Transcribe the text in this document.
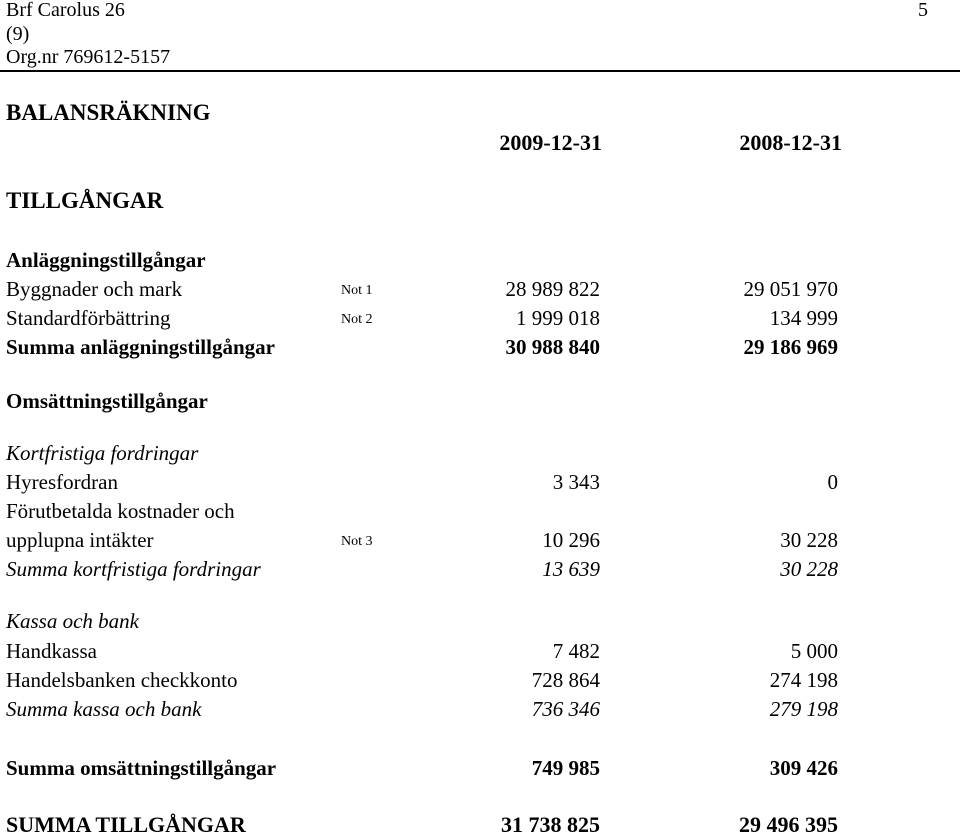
Brf Carolus 26
(9)
Org.nr 769612-5157
5
BALANSRÄKNING
2009-12-31	2008-12-31
TILLGÅNGAR
Anläggningstillgångar
Byggnader och mark	Not 1	28 989 822	29 051 970
Standardförbättring	Not 2	1 999 018	134 999
Summa anläggningstillgångar	30 988 840	29 186 969
Omsättningstillgångar
Kortfristiga fordringar
Hyresfordran	3 343	0
Förutbetalda kostnader och
upplupna intäkter	Not 3	10 296	30 228
Summa kortfristiga fordringar	13 639	30 228
Kassa och bank
Handkassa	7 482	5 000
Handelsbanken checkkonto	728 864	274 198
Summa kassa och bank	736 346	279 198
Summa omsättningstillgångar	749 985	309 426
SUMMA TILLGÅNGAR	31 738 825	29 496 395
